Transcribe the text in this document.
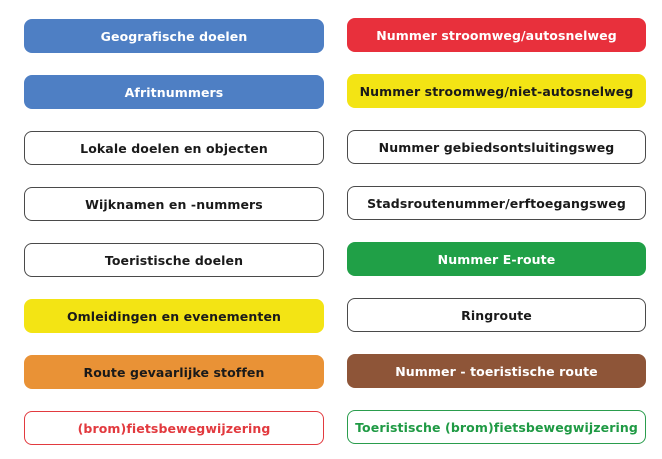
Geografische doelen
Afritnummers
Lokale doelen en objecten
Wijknamen en -nummers
Toeristische doelen
Omleidingen en evenementen
Route gevaarlijke stoffen
(brom)fietsbewegwijzering
Nummer stroomweg/autosnelweg
Nummer stroomweg/niet-autosnelweg
Nummer gebiedsontsluitingsweg
Stadsroutenummer/erftoegangsweg
Nummer E-route
Ringroute
Nummer - toeristische route
Toeristische (brom)fietsbewegwijzering
